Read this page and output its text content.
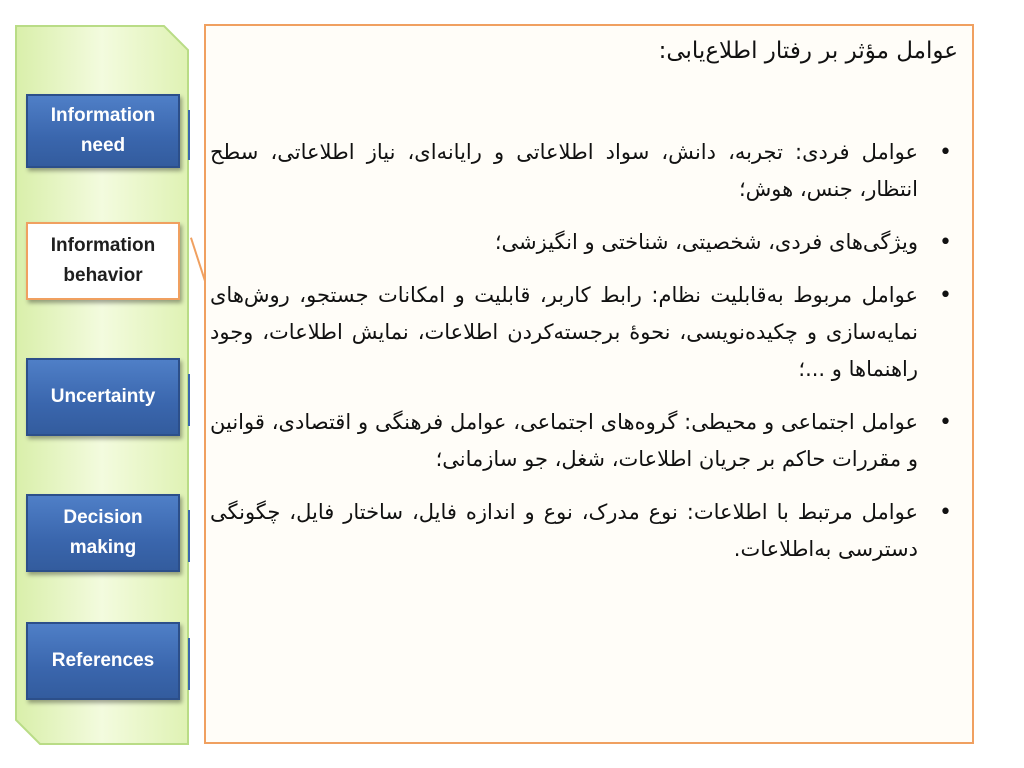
Information need
Information behavior
Uncertainty
Decision making
References
عوامل مؤثر بر رفتار اطلاع‌یابی:
•
عوامل فردی: تجربه، دانش، سواد اطلاعاتی و رایانه‌ای، نیاز اطلاعاتی، سطح انتظار، جنس، هوش؛
•
ویژگی‌های فردی، شخصیتی، شناختی و انگیزشی؛
•
عوامل مربوط به‌قابلیت نظام: رابط کاربر، قابلیت و امکانات جستجو، روش‌های نمایه‌سازی و چکیده‌نویسی، نحوهٔ برجسته‌کردن اطلاعات، نمایش اطلاعات، وجود راهنماها و ...؛
•
عوامل اجتماعی و محیطی: گروه‌های اجتماعی، عوامل فرهنگی و اقتصادی، قوانین و مقررات حاکم بر جریان اطلاعات، شغل، جو سازمانی؛
•
عوامل مرتبط با اطلاعات: نوع مدرک، نوع و اندازه فایل، ساختار فایل، چگونگی دسترسی به‌اطلاعات.
